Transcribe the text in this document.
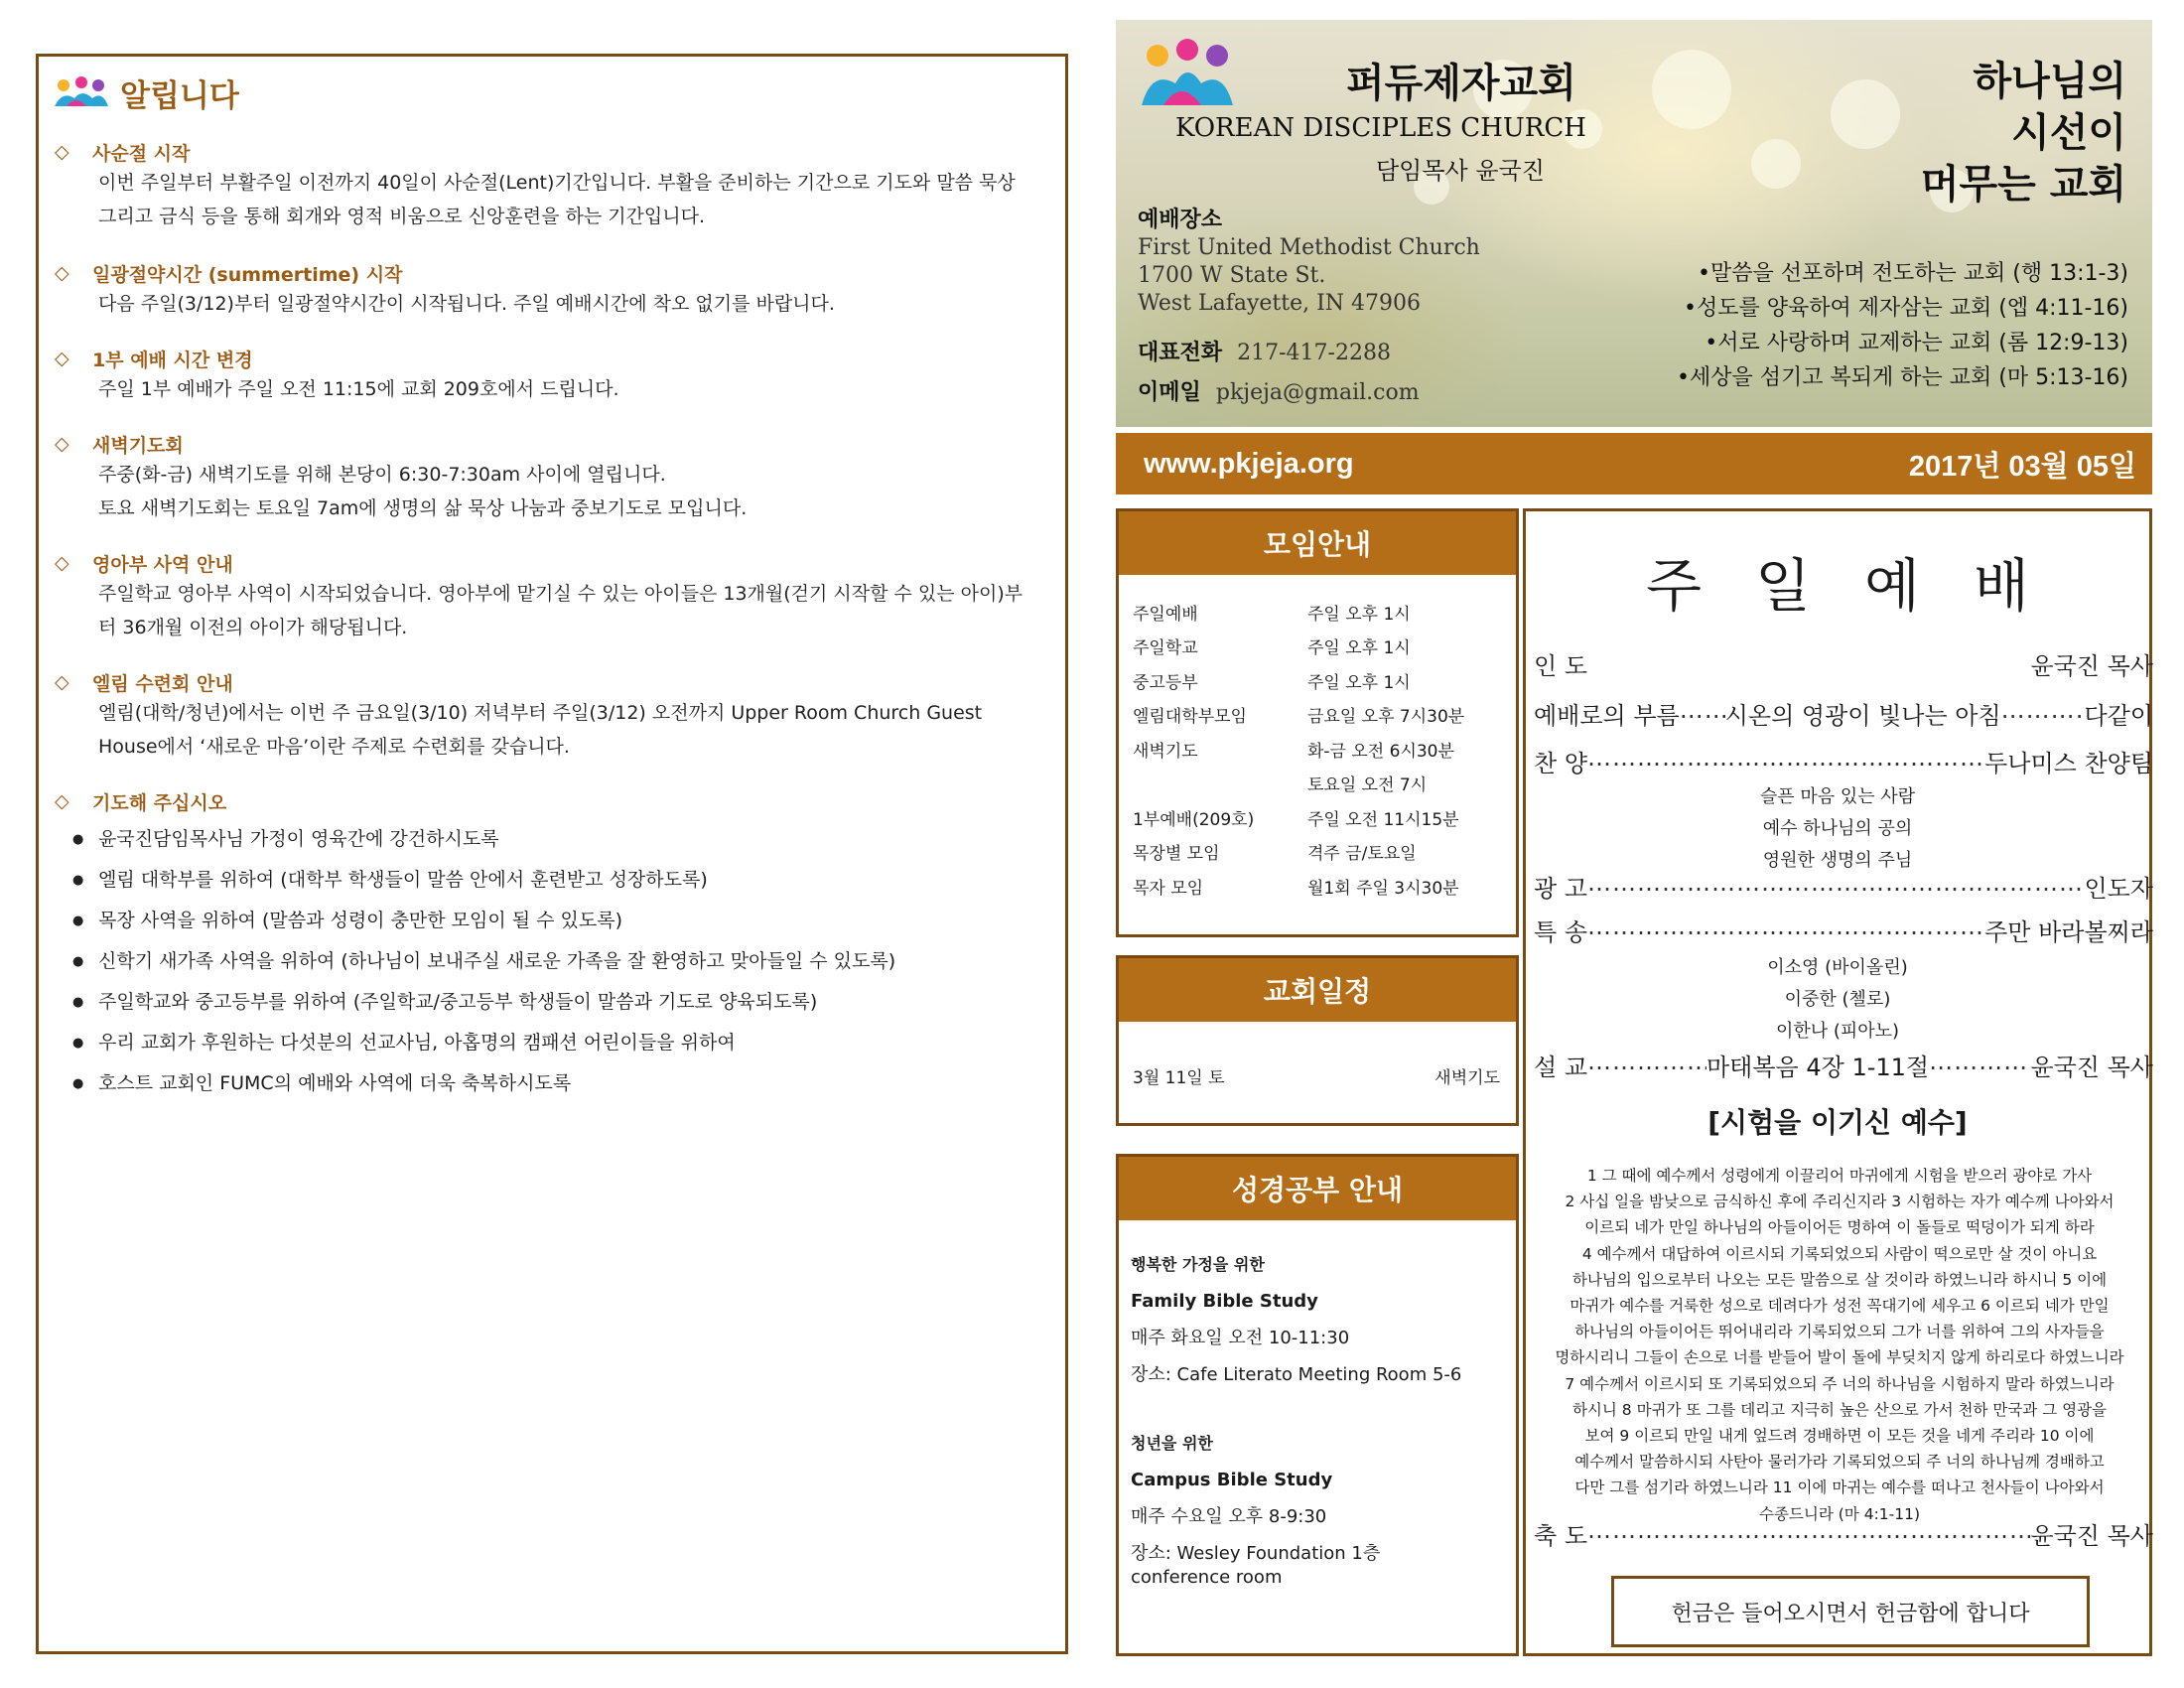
알립니다
◇	사순절 시작
이번 주일부터 부활주일 이전까지 40일이 사순절(Lent)기간입니다. 부활을 준비하는 기간으로 기도와 말씀 묵상
그리고 금식 등을 통해 회개와 영적 비움으로 신앙훈련을 하는 기간입니다.
◇	일광절약시간 (summertime) 시작
다음 주일(3/12)부터 일광절약시간이 시작됩니다. 주일 예배시간에 착오 없기를 바랍니다.
◇	1부 예배 시간 변경
주일 1부 예배가 주일 오전 11:15에 교회 209호에서 드립니다.
◇	새벽기도회
주중(화-금) 새벽기도를 위해 본당이 6:30-7:30am 사이에 열립니다.
토요 새벽기도회는 토요일 7am에 생명의 삶 묵상 나눔과 중보기도로 모입니다.
◇	영아부 사역 안내
주일학교 영아부 사역이 시작되었습니다. 영아부에 맡기실 수 있는 아이들은 13개월(걷기 시작할 수 있는 아이)부
터 36개월 이전의 아이가 해당됩니다.
◇	엘림 수련회 안내
엘림(대학/청년)에서는 이번 주 금요일(3/10) 저녁부터 주일(3/12) 오전까지 Upper Room Church Guest
House에서 ‘새로운 마음’이란 주제로 수련회를 갖습니다.
◇	기도해 주십시오
● 윤국진담임목사님 가정이 영육간에 강건하시도록
● 엘림 대학부를 위하여 (대학부 학생들이 말씀 안에서 훈련받고 성장하도록)
● 목장 사역을 위하여 (말씀과 성령이 충만한 모임이 될 수 있도록)
● 신학기 새가족 사역을 위하여 (하나님이 보내주실 새로운 가족을 잘 환영하고 맞아들일 수 있도록)
● 주일학교와 중고등부를 위하여 (주일학교/중고등부 학생들이 말씀과 기도로 양육되도록)
● 우리 교회가 후원하는 다섯분의 선교사님, 아홉명의 캠패션 어린이들을 위하여
● 호스트 교회인 FUMC의 예배와 사역에 더욱 축복하시도록
퍼듀제자교회
KOREAN DISCIPLES CHURCH
담임목사 윤국진
예배장소
First United Methodist Church
1700 W State St.
West Lafayette, IN 47906
대표전화 217-417-2288
이메일 pkjeja@gmail.com
하나님의
시선이
머무는 교회
•말씀을 선포하며 전도하는 교회 (행 13:1-3)
•성도를 양육하여 제자삼는 교회 (엡 4:11-16)
•서로 사랑하며 교제하는 교회 (롬 12:9-13)
•세상을 섬기고 복되게 하는 교회 (마 5:13-16)
www.pkjeja.org	2017년 03월 05일
모임안내
주일예배	주일 오후 1시
주일학교	주일 오후 1시
중고등부	주일 오후 1시
엘림대학부모임	금요일 오후 7시30분
새벽기도	화-금 오전 6시30분
토요일 오전 7시
1부예배(209호)	주일 오전 11시15분
목장별 모임	격주 금/토요일
목자 모임	월1회 주일 3시30분
교회일정
3월 11일 토	새벽기도
성경공부 안내
행복한 가정을 위한
Family Bible Study
매주 화요일 오전 10-11:30
장소: Cafe Literato Meeting Room 5-6
청년을 위한
Campus Bible Study
매주 수요일 오후 8-9:30
장소: Wesley Foundation 1층
conference room
주일예배
인 도	윤국진 목사
예배로의 부름 …………………………………………………………………………………………………………… 시온의 영광이 빛나는 아침 ……………………………………………………………………………………………………………	다같이
찬 양 ……………………………………………………………………………………………………………	두나미스 찬양팀
슬픈 마음 있는 사람
예수 하나님의 공의
영원한 생명의 주님
광 고 ……………………………………………………………………………………………………………	인도자
특 송 ……………………………………………………………………………………………………………	주만 바라볼찌라
이소영 (바이올린)
이중한 (첼로)
이한나 (피아노)
설 교 ……………………………………………………………………………………………………………	마태복음 4장 1-11절 ……………………………………………………………………………………………………………	윤국진 목사
[시험을 이기신 예수]
1 그 때에 예수께서 성령에게 이끌리어 마귀에게 시험을 받으러 광야로 가사
2 사십 일을 밤낮으로 금식하신 후에 주리신지라 3 시험하는 자가 예수께 나아와서
이르되 네가 만일 하나님의 아들이어든 명하여 이 돌들로 떡덩이가 되게 하라
4 예수께서 대답하여 이르시되 기록되었으되 사람이 떡으로만 살 것이 아니요
하나님의 입으로부터 나오는 모든 말씀으로 살 것이라 하였느니라 하시니 5 이에
마귀가 예수를 거룩한 성으로 데려다가 성전 꼭대기에 세우고 6 이르되 네가 만일
하나님의 아들이어든 뛰어내리라 기록되었으되 그가 너를 위하여 그의 사자들을
명하시리니 그들이 손으로 너를 받들어 발이 돌에 부딪치지 않게 하리로다 하였느니라
7 예수께서 이르시되 또 기록되었으되 주 너의 하나님을 시험하지 말라 하였느니라
하시니 8 마귀가 또 그를 데리고 지극히 높은 산으로 가서 천하 만국과 그 영광을
보여 9 이르되 만일 내게 엎드려 경배하면 이 모든 것을 네게 주리라 10 이에
예수께서 말씀하시되 사탄아 물러가라 기록되었으되 주 너의 하나님께 경배하고
다만 그를 섬기라 하였느니라 11 이에 마귀는 예수를 떠나고 천사들이 나아와서
수종드니라 (마 4:1-11)
축 도 ……………………………………………………………………………………………………………	윤국진 목사
헌금은 들어오시면서 헌금함에 합니다
